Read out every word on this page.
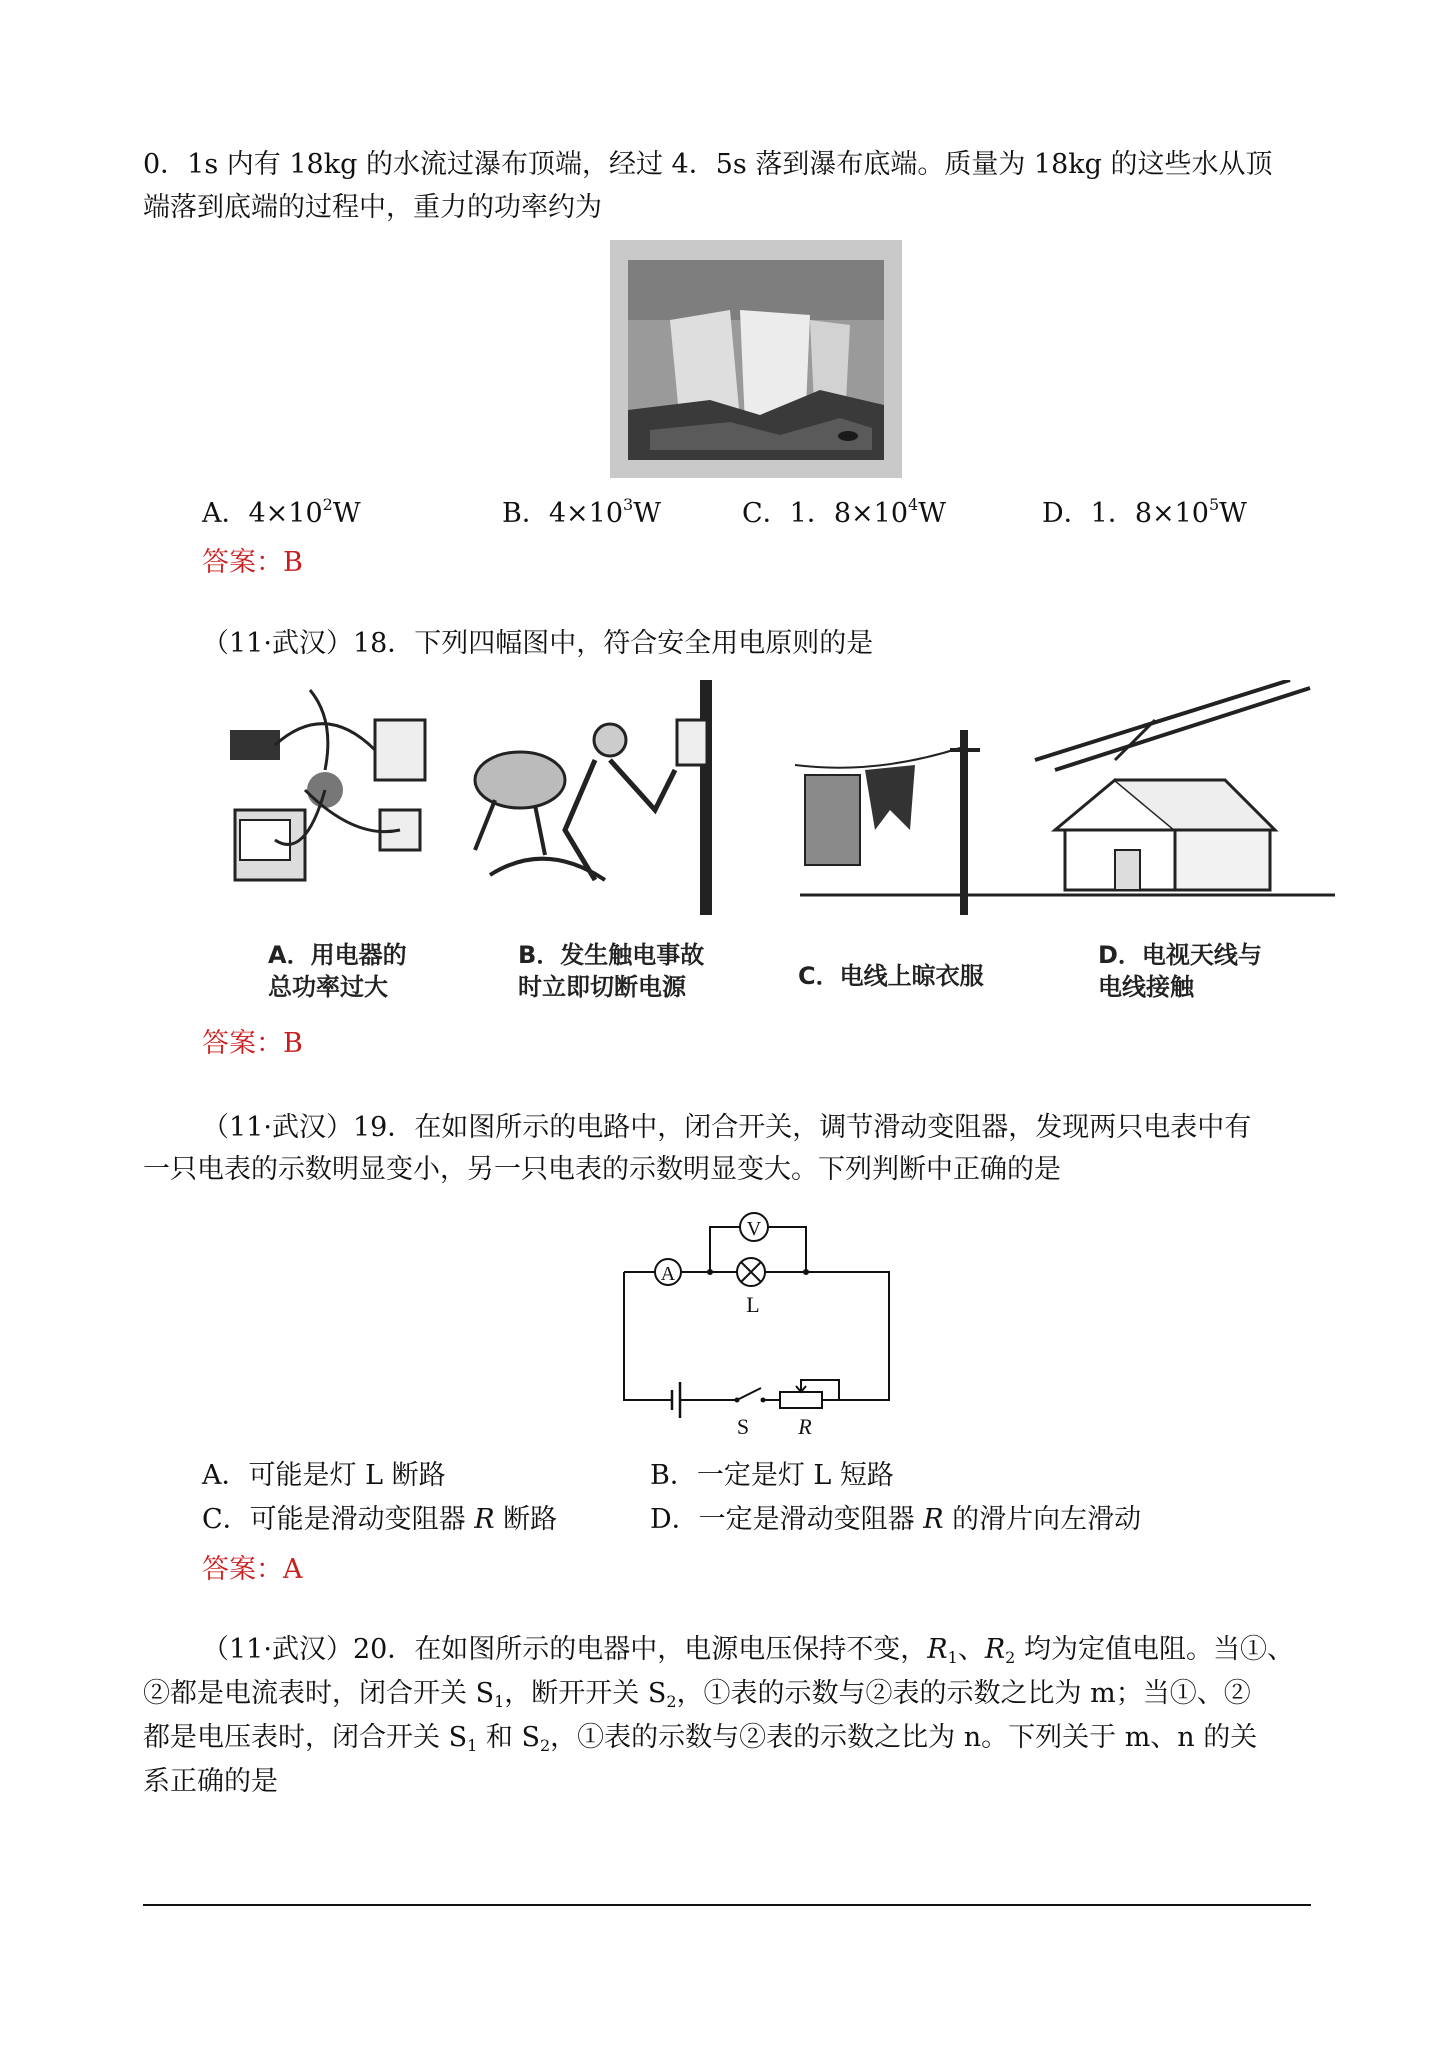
0．1s 内有 18kg 的水流过瀑布顶端，经过 4．5s 落到瀑布底端。质量为 18kg 的这些水从顶
端落到底端的过程中，重力的功率约为
A．$4\times 10^2W$	B．$4\times 10^3W$	C．1．$8\times 10^4W$	D．1．$8\times 10^5W$
答案：B
（11·武汉）18．下列四幅图中，符合安全用电原则的是
A．用电器的
总功率过大
B．发生触电事故
时立即切断电源	C．电线上晾衣服
D．电视天线与
电线接触
答案：B
（11·武汉）19．在如图所示的电路中，闭合开关，调节滑动变阻器，发现两只电表中有
一只电表的示数明显变小，另一只电表的示数明显变大。下列判断中正确的是
A
V
L
S R
A．可能是灯 L 断路	B．一定是灯 L 短路
C．可能是滑动变阻器 R 断路	D．一定是滑动变阻器 R 的滑片向左滑动
答案：A
（11·武汉）20．在如图所示的电器中，电源电压保持不变，$R_1$、$R_2$ 均为定值电阻。当①、
②都是电流表时，闭合开关 $S_1$，断开开关 $S_2$，①表的示数与②表的示数之比为 m；当①、②
都是电压表时，闭合开关 $S_1$ 和 $S_2$，①表的示数与②表的示数之比为 n。下列关于 m、n 的关
系正确的是
